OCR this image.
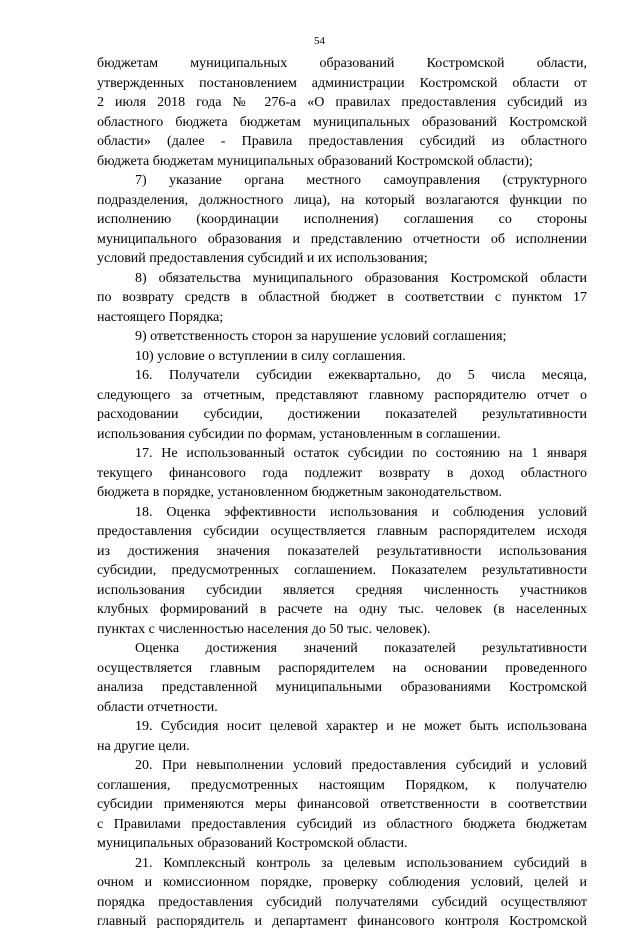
54
бюджетам муниципальных образований Костромской области,
утвержденных постановлением администрации Костромской области от
2 июля 2018 года № 276-а «О правилах предоставления субсидий из
областного бюджета бюджетам муниципальных образований Костромской
области» (далее - Правила предоставления субсидий из областного
бюджета бюджетам муниципальных образований Костромской области);
7) указание органа местного самоуправления (структурного
подразделения, должностного лица), на который возлагаются функции по
исполнению (координации исполнения) соглашения со стороны
муниципального образования и представлению отчетности об исполнении
условий предоставления субсидий и их использования;
8) обязательства муниципального образования Костромской области
по возврату средств в областной бюджет в соответствии с пунктом 17
настоящего Порядка;
9) ответственность сторон за нарушение условий соглашения;
10) условие о вступлении в силу соглашения.
16. Получатели субсидии ежеквартально, до 5 числа месяца,
следующего за отчетным, представляют главному распорядителю отчет о
расходовании субсидии, достижении показателей результативности
использования субсидии по формам, установленным в соглашении.
17. Не использованный остаток субсидии по состоянию на 1 января
текущего финансового года подлежит возврату в доход областного
бюджета в порядке, установленном бюджетным законодательством.
18. Оценка эффективности использования и соблюдения условий
предоставления субсидии осуществляется главным распорядителем исходя
из достижения значения показателей результативности использования
субсидии, предусмотренных соглашением. Показателем результативности
использования субсидии является средняя численность участников
клубных формирований в расчете на одну тыс. человек (в населенных
пунктах с численностью населения до 50 тыс. человек).
Оценка достижения значений показателей результативности
осуществляется главным распорядителем на основании проведенного
анализа представленной муниципальными образованиями Костромской
области отчетности.
19. Субсидия носит целевой характер и не может быть использована
на другие цели.
20. При невыполнении условий предоставления субсидий и условий
соглашения, предусмотренных настоящим Порядком, к получателю
субсидии применяются меры финансовой ответственности в соответствии
с Правилами предоставления субсидий из областного бюджета бюджетам
муниципальных образований Костромской области.
21. Комплексный контроль за целевым использованием субсидий в
очном и комиссионном порядке, проверку соблюдения условий, целей и
порядка предоставления субсидий получателями субсидий осуществляют
главный распорядитель и департамент финансового контроля Костромской
